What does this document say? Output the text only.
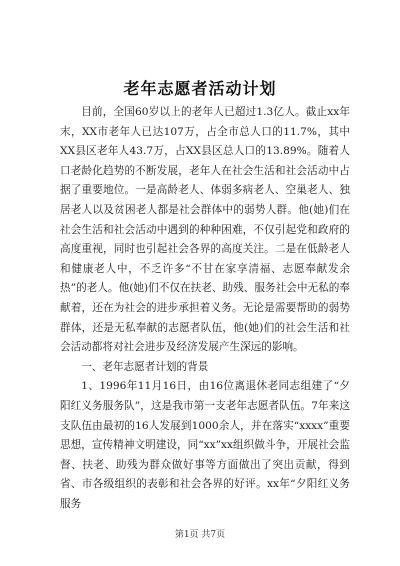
老年志愿者活动计划

目前，全国60岁以上的老年人已超过1.3亿人。截止xx年末，XX市老年人已达107万，占全市总人口的11.7%，其中XX县区老年人43.7万，占XX县区总人口的13.89%。随着人口老龄化趋势的不断发展，老年人在社会生活和社会活动中占据了重要地位。一是高龄老人、体弱多病老人、空巢老人、独居老人以及贫困老人都是社会群体中的弱势人群。他(她)们在社会生活和社会活动中遇到的种种困难，不仅引起党和政府的高度重视，同时也引起社会各界的高度关注。二是在低龄老人和健康老人中，不乏许多“不甘在家享清福、志愿奉献发余热”的老人。他(她)们不仅在扶老、助残、服务社会中无私的奉献着，还在为社会的进步承担着义务。无论是需要帮助的弱势群体，还是无私奉献的志愿者队伍，他(她)们的社会生活和社会活动都将对社会进步及经济发展产生深远的影响。

一、老年志愿者计划的背景

1、1996年11月16日，由16位离退休老同志组建了“夕阳红义务服务队”，这是我市第一支老年志愿者队伍。7年来这支队伍由最初的16人发展到1000余人，并在落实“xxxx”重要思想，宣传精神文明建设，同“xx”xx组织做斗争，开展社会监督、扶老、助残为群众做好事等方面做出了突出贡献，得到省、市各级组织的表彰和社会各界的好评。xx年“夕阳红义务服务

第1页 共7页
